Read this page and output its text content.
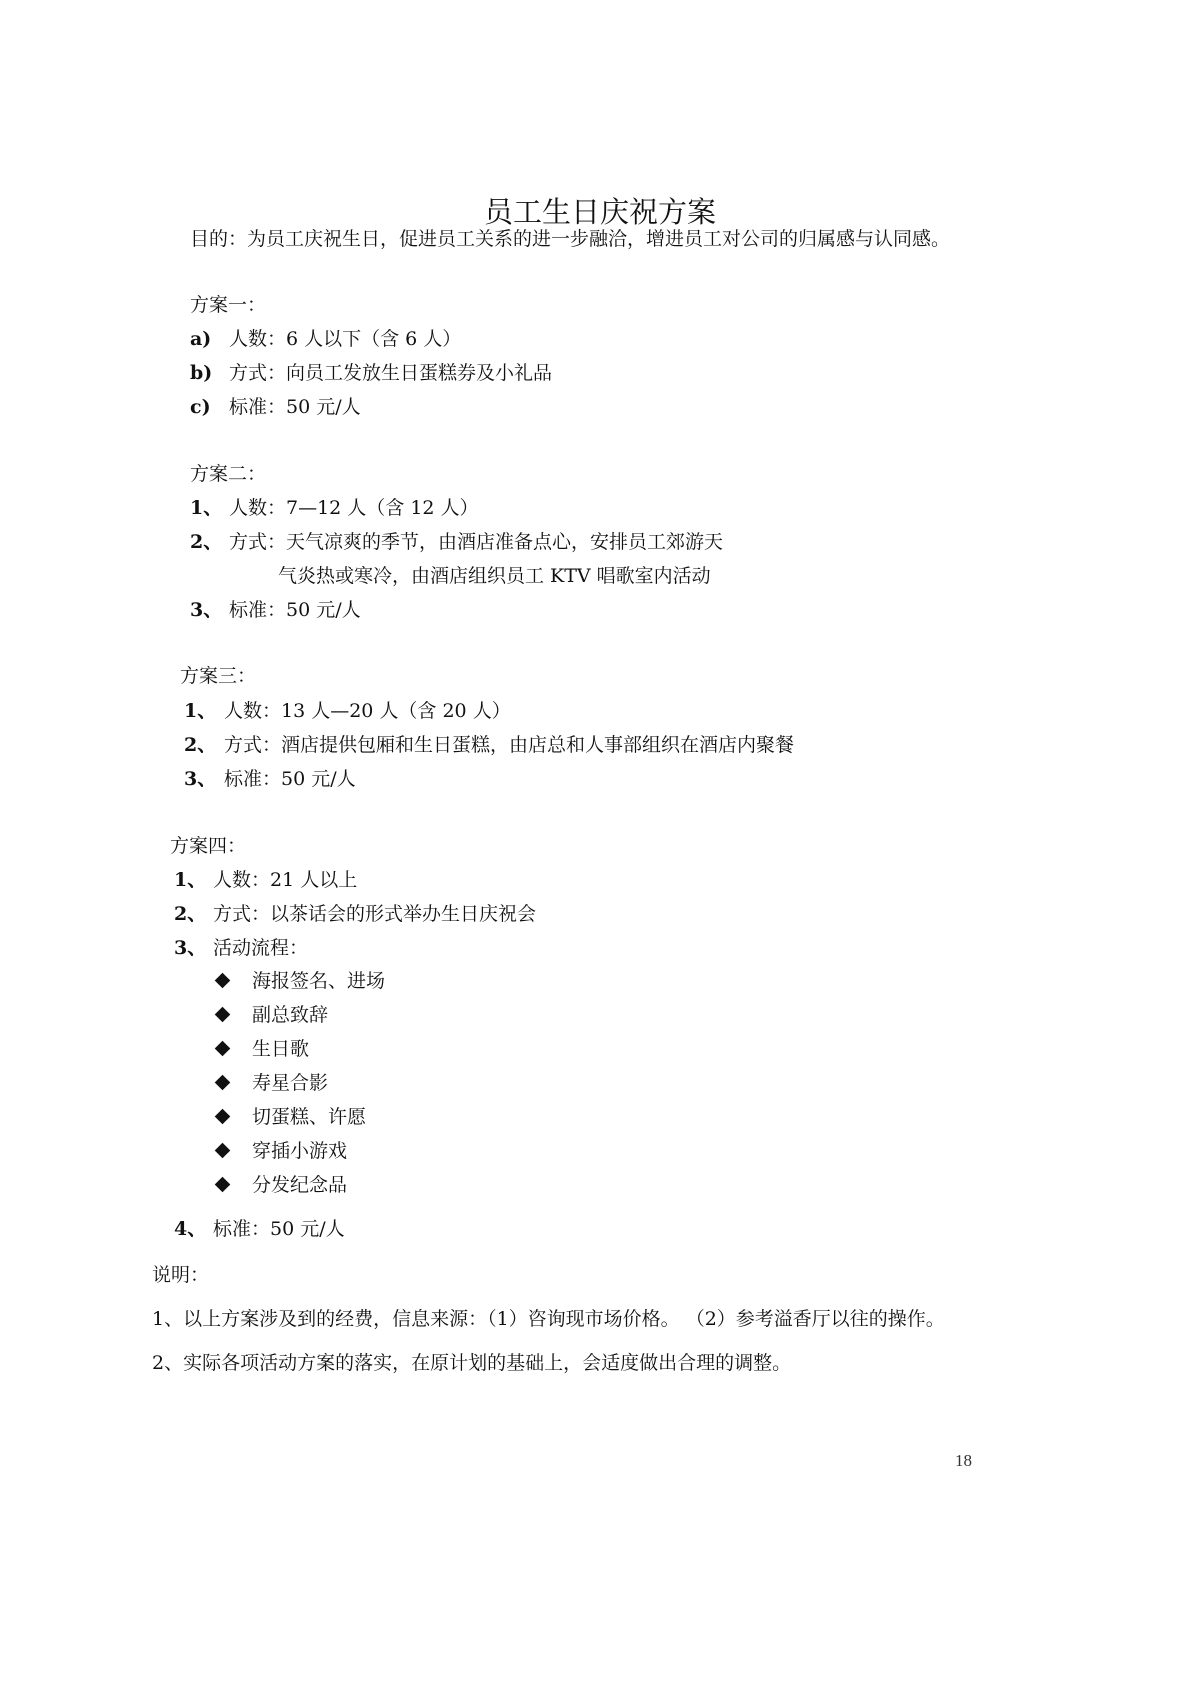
员工生日庆祝方案
目的：为员工庆祝生日，促进员工关系的进一步融洽，增进员工对公司的归属感与认同感。
方案一：
a) 人数：6 人以下（含 6 人）
b) 方式：向员工发放生日蛋糕券及小礼品
c) 标准：50 元/人
方案二：
1、 人数：7—12 人（含 12 人）
2、 方式：天气凉爽的季节，由酒店准备点心，安排员工郊游天
气炎热或寒冷，由酒店组织员工 KTV 唱歌室内活动
3、 标准：50 元/人
方案三：
1、 人数：13 人—20 人（含 20 人）
2、 方式：酒店提供包厢和生日蛋糕，由店总和人事部组织在酒店内聚餐
3、 标准：50 元/人
方案四：
1、 人数：21 人以上
2、 方式：以茶话会的形式举办生日庆祝会
3、 活动流程：
海报签名、进场
副总致辞
生日歌
寿星合影
切蛋糕、许愿
穿插小游戏
分发纪念品
4、 标准：50 元/人
说明：
1、以上方案涉及到的经费，信息来源：（1）咨询现市场价格。 （2）参考溢香厅以往的操作。
2、实际各项活动方案的落实，在原计划的基础上，会适度做出合理的调整。
18
